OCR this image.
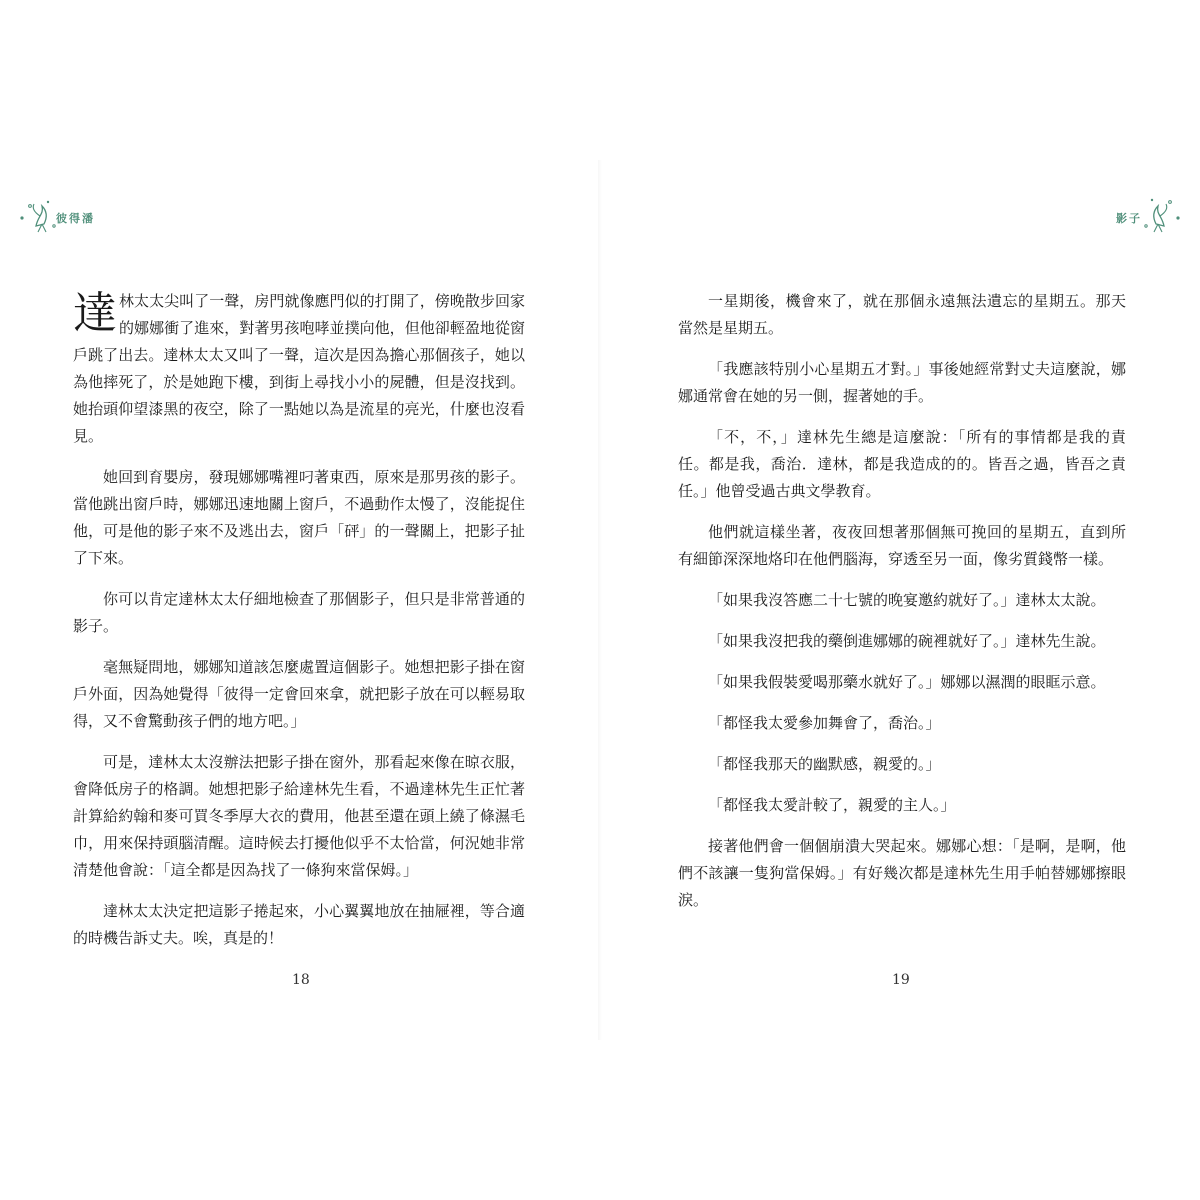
彼得潘

達林太太尖叫了一聲，房門就像應門似的打開了，傍晚散步回家的娜娜衝了進來，對著男孩咆哮並撲向他，但他卻輕盈地從窗戶跳了出去。達林太太又叫了一聲，這次是因為擔心那個孩子，她以為他摔死了，於是她跑下樓，到街上尋找小小的屍體，但是沒找到。她抬頭仰望漆黑的夜空，除了一點她以為是流星的亮光，什麼也沒看見。

她回到育嬰房，發現娜娜嘴裡叼著東西，原來是那男孩的影子。當他跳出窗戶時，娜娜迅速地關上窗戶，不過動作太慢了，沒能捉住他，可是他的影子來不及逃出去，窗戶「砰」的一聲關上，把影子扯了下來。

你可以肯定達林太太仔細地檢查了那個影子，但只是非常普通的影子。

毫無疑問地，娜娜知道該怎麼處置這個影子。她想把影子掛在窗戶外面，因為她覺得「彼得一定會回來拿，就把影子放在可以輕易取得，又不會驚動孩子們的地方吧。」

可是，達林太太沒辦法把影子掛在窗外，那看起來像在晾衣服，會降低房子的格調。她想把影子給達林先生看，不過達林先生正忙著計算給約翰和麥可買冬季厚大衣的費用，他甚至還在頭上繞了條濕毛巾，用來保持頭腦清醒。這時候去打擾他似乎不太恰當，何況她非常清楚他會說：「這全都是因為找了一條狗來當保姆。」

達林太太決定把這影子捲起來，小心翼翼地放在抽屜裡，等合適的時機告訴丈夫。唉，真是的！

18
影子

一星期後，機會來了，就在那個永遠無法遺忘的星期五。那天當然是星期五。

「我應該特別小心星期五才對。」事後她經常對丈夫這麼說，娜娜通常會在她的另一側，握著她的手。

「不，不，」達林先生總是這麼說：「所有的事情都是我的責任。都是我，喬治．達林，都是我造成的的。皆吾之過，皆吾之責任。」他曾受過古典文學教育。

他們就這樣坐著，夜夜回想著那個無可挽回的星期五，直到所有細節深深地烙印在他們腦海，穿透至另一面，像劣質錢幣一樣。

「如果我沒答應二十七號的晚宴邀約就好了。」達林太太說。

「如果我沒把我的藥倒進娜娜的碗裡就好了。」達林先生說。

「如果我假裝愛喝那藥水就好了。」娜娜以濕潤的眼眶示意。

「都怪我太愛參加舞會了，喬治。」

「都怪我那天的幽默感，親愛的。」

「都怪我太愛計較了，親愛的主人。」

接著他們會一個個崩潰大哭起來。娜娜心想：「是啊，是啊，他們不該讓一隻狗當保姆。」有好幾次都是達林先生用手帕替娜娜擦眼淚。

19
